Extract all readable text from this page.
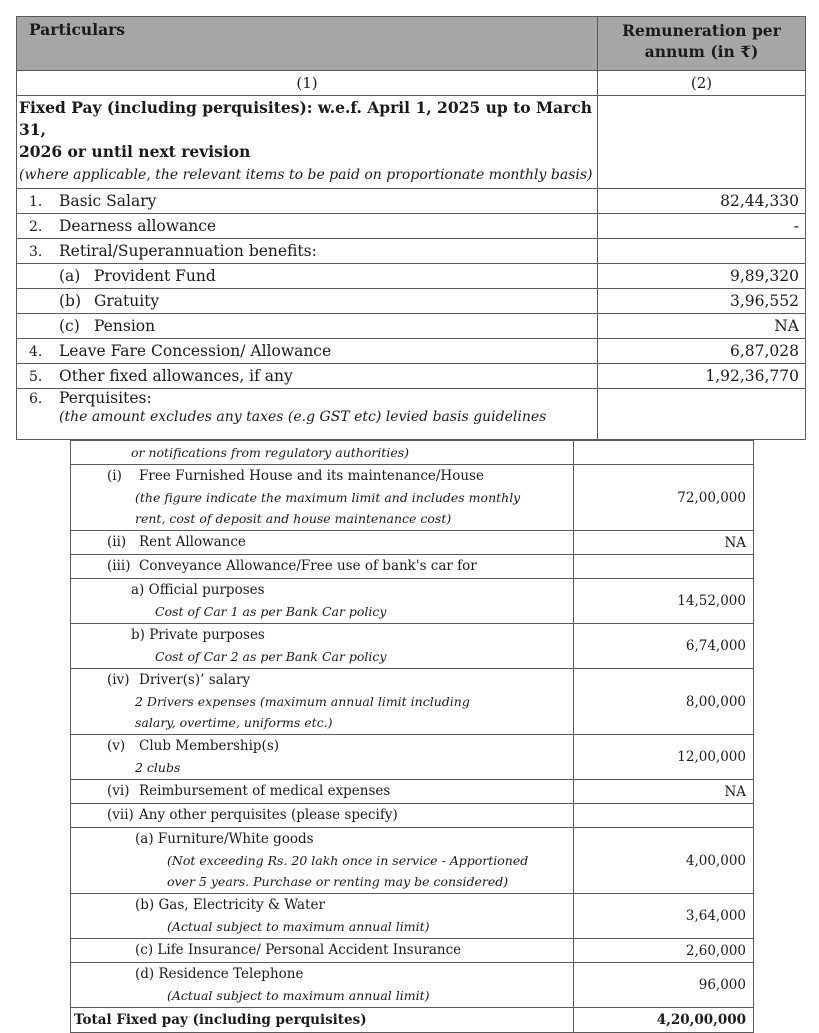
Particulars	Remuneration per
annum (in ₹)
(1)	(2)
Fixed Pay (including perquisites): w.e.f. April 1, 2025 up to March 31,
2026 or until next revision
(where applicable, the relevant items to be paid on proportionate monthly basis)	
1. Basic Salary	82,44,330
2. Dearness allowance	-
3. Retiral/Superannuation benefits:	
(a) Provident Fund	9,89,320
(b) Gratuity	3,96,552
(c) Pension	NA
4. Leave Fare Concession/ Allowance	6,87,028
5. Other fixed allowances, if any	1,92,36,770
6. Perquisites:
(the amount excludes any taxes (e.g GST etc) levied basis guidelines	

or notifications from regulatory authorities)	

(i) Free Furnished House and its maintenance/House
(the figure indicate the maximum limit and includes monthly
rent, cost of deposit and house maintenance cost)	72,00,000
(ii) Rent Allowance	NA
(iii) Conveyance Allowance/Free use of bank's car for	

a) Official purposes
Cost of Car 1 as per Bank Car policy	14,52,000

b) Private purposes
Cost of Car 2 as per Bank Car policy	6,74,000
(iv) Driver(s)’ salary
2 Drivers expenses (maximum annual limit including
salary, overtime, uniforms etc.)	8,00,000
(v) Club Membership(s)
2 clubs	12,00,000
(vi) Reimbursement of medical expenses	NA
(vii) Any other perquisites (please specify)	

(a) Furniture/White goods
(Not exceeding Rs. 20 lakh once in service - Apportioned
over 5 years. Purchase or renting may be considered)	4,00,000

(b) Gas, Electricity & Water
(Actual subject to maximum annual limit)	3,64,000

(c) Life Insurance/ Personal Accident Insurance	2,60,000

(d) Residence Telephone
(Actual subject to maximum annual limit)	96,000
Total Fixed pay (including perquisites)	4,20,00,000
